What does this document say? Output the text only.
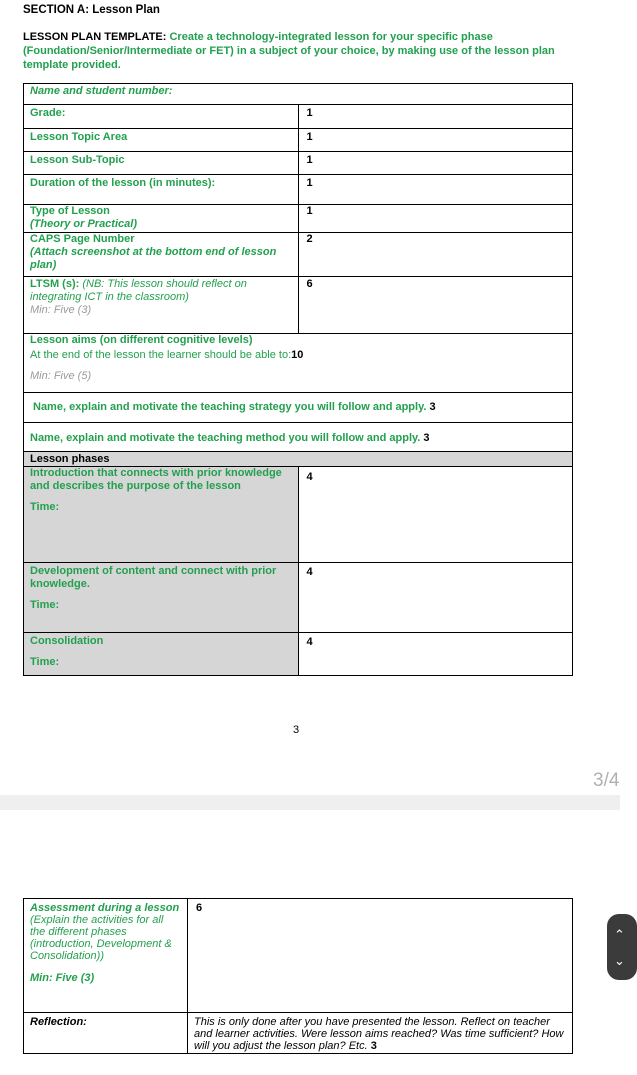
SECTION A: Lesson Plan
LESSON PLAN TEMPLATE: Create a technology-integrated lesson for your specific phase (Foundation/Senior/Intermediate or FET) in a subject of your choice, by making use of the lesson plan template provided.
Name and student number:	
Grade:	1
Lesson Topic Area	1
Lesson Sub-Topic	1
Duration of the lesson (in minutes):	1

Type of Lesson
(Theory or Practical)	1

CAPS Page Number
(Attach screenshot at the bottom end of lesson plan)	2
LTSM (s): (NB: This lesson should reflect on integrating ICT in the classroom)
Min: Five (3)	6

Lesson aims (on different cognitive levels)
At the end of the lesson the learner should be able to:10
Min: Five (5)	

Name, explain and motivate the teaching strategy you will follow and apply. 3	
Name, explain and motivate the teaching method you will follow and apply. 3	
Lesson phases	

Introduction that connects with prior knowledge and describes the purpose of the lesson
Time:	4

Development of content and connect with prior knowledge.
Time:	4

Consolidation
Time:	4
3
3/4
Assessment during a lesson (Explain the activities for all the different phases (introduction, Development & Consolidation))
Min: Five (3)	6
Reflection:	This is only done after you have presented the lesson. Reflect on teacher and learner activities. Were lesson aims reached? Was time sufficient? How will you adjust the lesson plan? Etc. 3
⌃
⌄
